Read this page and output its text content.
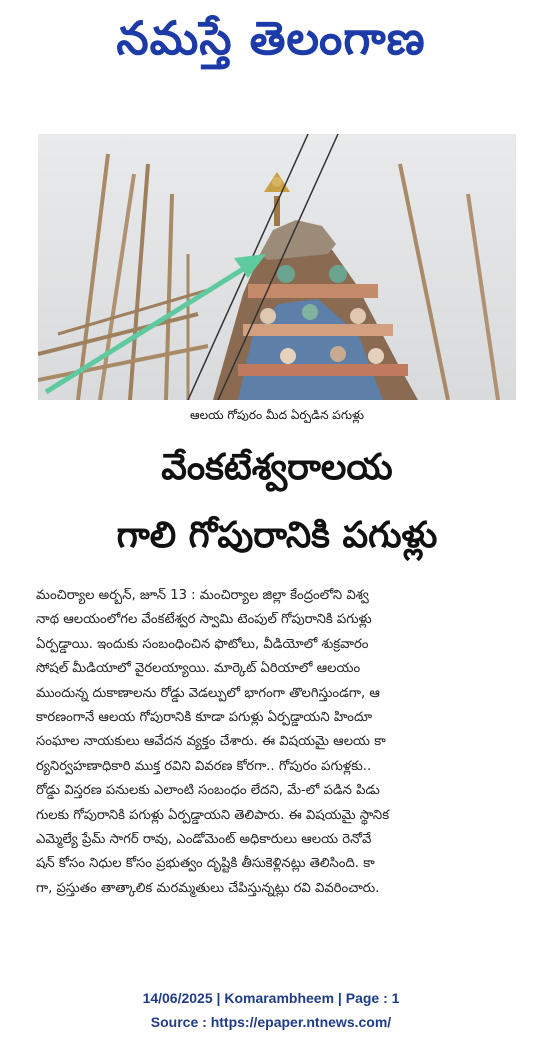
నమస్తే తెలంగాణ
ఆలయ గోపురం మీద ఏర్పడిన పగుళ్లు
వేంకటేశ్వరాలయ
గాలి గోపురానికి పగుళ్లు
మంచిర్యాల అర్బన్, జూన్ 13 : మంచిర్యాల జిల్లా కేంద్రంలోని విశ్వ
నాథ ఆలయంలోగల వేంకటేశ్వర స్వామి టెంపుల్ గోపురానికి పగుళ్లు
ఏర్పడ్డాయి. ఇందుకు సంబంధించిన ఫొటోలు, వీడియోలో శుక్రవారం
సోషల్ మీడియాలో వైరలయ్యాయి. మార్కెట్ ఏరియాలో ఆలయం
ముందున్న దుకాణాలను రోడ్డు వెడల్పులో భాగంగా తొలగిస్తుండగా, ఆ
కారణంగానే ఆలయ గోపురానికి కూడా పగుళ్లు ఏర్పడ్డాయని హిందూ
సంఘాల నాయకులు ఆవేదన వ్యక్తం చేశారు. ఈ విషయమై ఆలయ కా
ర్యనిర్వహణాధికారి ముక్త రవిని వివరణ కోరగా.. గోపురం పగుళ్లకు..
రోడ్డు విస్తరణ పనులకు ఎలాంటి సంబంధం లేదని, మే-లో పడిన పిడు
గులకు గోపురానికి పగుళ్లు ఏర్పడ్డాయని తెలిపారు. ఈ విషయమై స్థానిక
ఎమ్మెల్యే ప్రేమ్ సాగర్ రావు, ఎండోమెంట్ అధికారులు ఆలయ రెనోవే
షన్ కోసం నిధుల కోసం ప్రభుత్వం దృష్టికి తీసుకెళ్లినట్లు తెలిసింది. కా
గా, ప్రస్తుతం తాత్కాలిక మరమ్మతులు చేపిస్తున్నట్లు రవి వివరించారు.
14/06/2025 | Komarambheem | Page : 1
Source : https://epaper.ntnews.com/
